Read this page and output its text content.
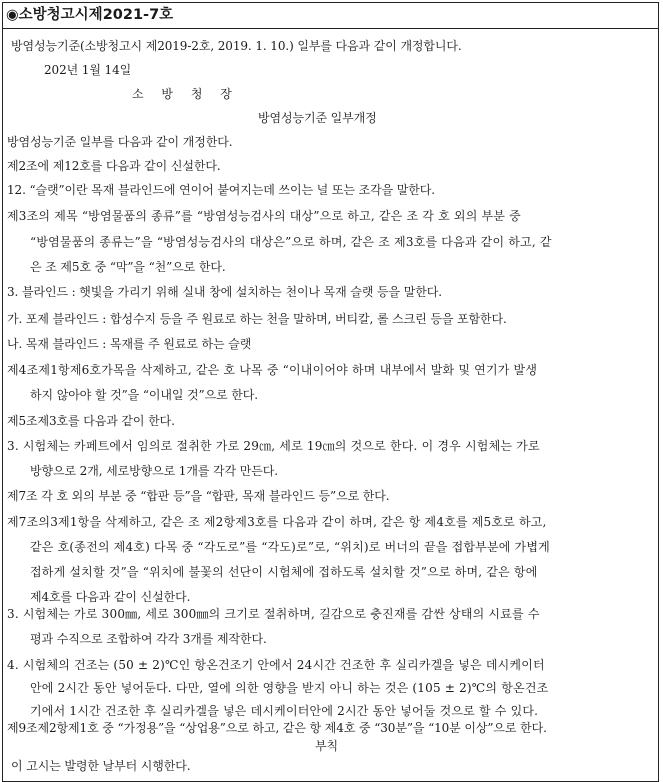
◉소방청고시제2021-7호
방염성능기준(소방청고시 제2019-2호, 2019. 1. 10.) 일부를 다음과 같이 개정합니다.
202년 1월 14일
소 방 청 장
방염성능기준 일부개정
방염성능기준 일부를 다음과 같이 개정한다.
제2조에 제12호를 다음과 같이 신설한다.
12. “슬랫”이란 목재 블라인드에 연이어 붙여지는데 쓰이는 널 또는 조각을 말한다.
제3조의 제목 “방염물품의 종류”를 “방염성능검사의 대상”으로 하고, 같은 조 각 호 외의 부분 중
“방염물품의 종류는”을 “방염성능검사의 대상은”으로 하며, 같은 조 제3호를 다음과 같이 하고, 같
은 조 제5호 중 “막”을 “천”으로 한다.
3. 블라인드 : 햇빛을 가리기 위해 실내 창에 설치하는 천이나 목재 슬랫 등을 말한다.
가. 포제 블라인드 : 합성수지 등을 주 원료로 하는 천을 말하며, 버티칼, 롤 스크린 등을 포함한다.
나. 목재 블라인드 : 목재를 주 원료로 하는 슬랫
제4조제1항제6호가목을 삭제하고, 같은 호 나목 중 “이내이어야 하며 내부에서 발화 및 연기가 발생
하지 않아야 할 것”을 “이내일 것”으로 한다.
제5조제3호를 다음과 같이 한다.
3. 시험체는 카페트에서 임의로 절취한 가로 29㎝, 세로 19㎝의 것으로 한다. 이 경우 시험체는 가로
방향으로 2개, 세로방향으로 1개를 각각 만든다.
제7조 각 호 외의 부분 중 “합판 등”을 “합판, 목재 블라인드 등”으로 한다.
제7조의3제1항을 삭제하고, 같은 조 제2항제3호를 다음과 같이 하며, 같은 항 제4호를 제5호로 하고,
같은 호(종전의 제4호) 다목 중 “각도로”를 “각도)로”로, “위치)로 버너의 끝을 접합부분에 가볍게
접하게 설치할 것”을 “위치에 불꽃의 선단이 시험체에 접하도록 설치할 것”으로 하며, 같은 항에
제4호를 다음과 같이 신설한다.
3. 시험체는 가로 300㎜, 세로 300㎜의 크기로 절취하며, 길감으로 충진재를 감싼 상태의 시료를 수
평과 수직으로 조합하여 각각 3개를 제작한다.
4. 시험체의 건조는 (50 ± 2)℃인 항온건조기 안에서 24시간 건조한 후 실리카겔을 넣은 데시케이터
안에 2시간 동안 넣어둔다. 다만, 열에 의한 영향을 받지 아니 하는 것은 (105 ± 2)℃의 항온건조
기에서 1시간 건조한 후 실리카겔을 넣은 데시케이터안에 2시간 동안 넣어둘 것으로 할 수 있다.
제9조제2항제1호 중 “가정용”을 “상업용”으로 하고, 같은 항 제4호 중 “30분”을 “10분 이상”으로 한다.
부칙
이 고시는 발령한 날부터 시행한다.
